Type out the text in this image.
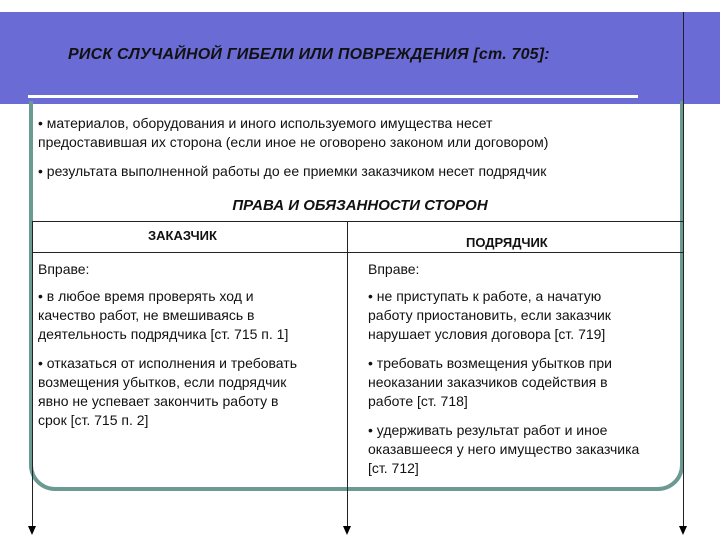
РИСК СЛУЧАЙНОЙ ГИБЕЛИ ИЛИ ПОВРЕЖДЕНИЯ [ст. 705]:
• материалов, оборудования и иного используемого имущества несет
предоставившая их сторона (если иное не оговорено законом или договором)
• результата выполненной работы до ее приемки заказчиком несет подрядчик
ПРАВА И ОБЯЗАННОСТИ СТОРОН
ЗАКАЗЧИК	ПОДРЯДЧИК
Вправе:
• в любое время проверять ход и
качество работ, не вмешиваясь в
деятельность подрядчика [ст. 715 п. 1]
• отказаться от исполнения и требовать
возмещения убытков, если подрядчик
явно не успевает закончить работу в
срок [ст. 715 п. 2]
Вправе:
• не приступать к работе, а начатую
работу приостановить, если заказчик
нарушает условия договора [ст. 719]
• требовать возмещения убытков при
неоказании заказчиков содействия в
работе [ст. 718]
• удерживать результат работ и иное
оказавшееся у него имущество заказчика
[ст. 712]
